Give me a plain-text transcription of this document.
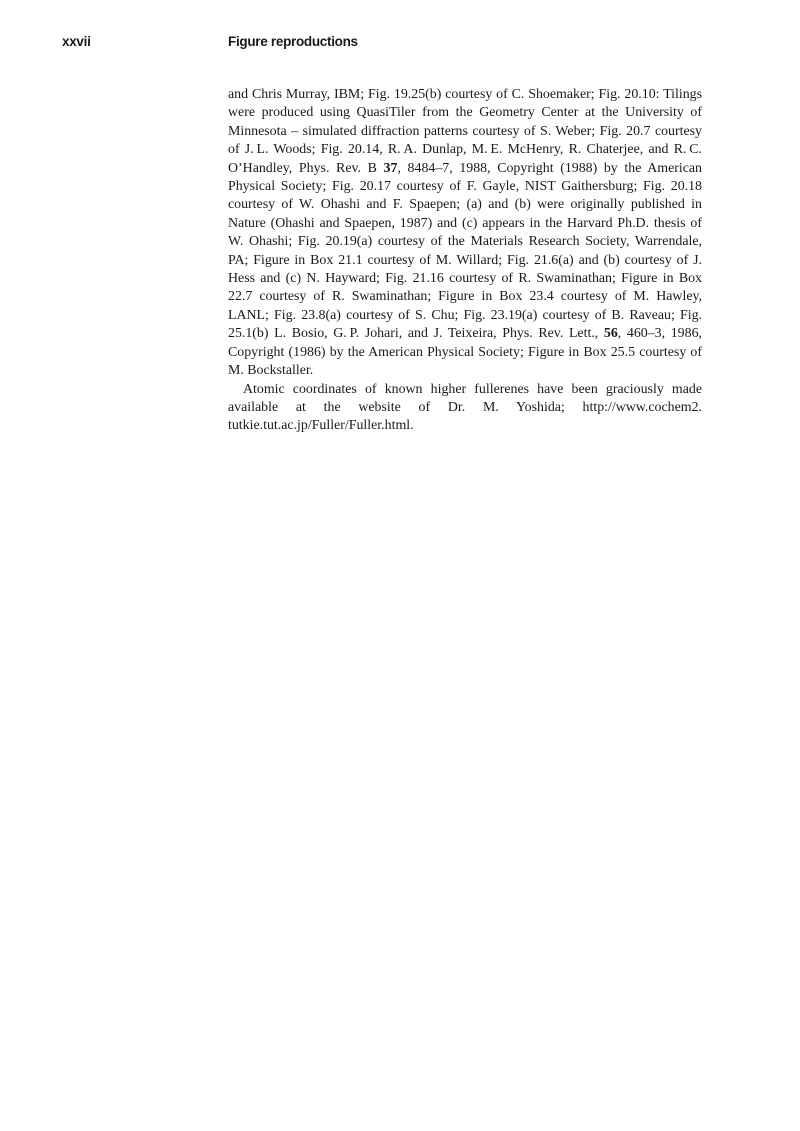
xxvii	Figure reproductions

and Chris Murray, IBM; Fig. 19.25(b) courtesy of C. Shoemaker; Fig. 20.10: Tilings were produced using QuasiTiler from the Geometry Center at the University of Minnesota – simulated diffraction patterns courtesy of S. Weber; Fig. 20.7 courtesy of J. L. Woods; Fig. 20.14, R. A. Dunlap, M. E. McHenry, R. Chaterjee, and R. C. O’Handley, Phys. Rev. B 37, 8484–7, 1988, Copyright (1988) by the American Physical Society; Fig. 20.17 courtesy of F. Gayle, NIST Gaithersburg; Fig. 20.18 courtesy of W. Ohashi and F. Spaepen; (a) and (b) were originally published in Nature (Ohashi and Spaepen, 1987) and (c) appears in the Harvard Ph.D. thesis of W. Ohashi; Fig. 20.19(a) courtesy of the Materials Research Society, Warrendale, PA; Figure in Box 21.1 courtesy of M. Willard; Fig. 21.6(a) and (b) courtesy of J. Hess and (c) N. Hayward; Fig. 21.16 courtesy of R. Swaminathan; Figure in Box 22.7 courtesy of R. Swaminathan; Figure in Box 23.4 courtesy of M. Hawley, LANL; Fig. 23.8(a) courtesy of S. Chu; Fig. 23.19(a) courtesy of B. Raveau; Fig. 25.1(b) L. Bosio, G. P. Johari, and J. Teixeira, Phys. Rev. Lett., 56, 460–3, 1986, Copyright (1986) by the American Physical Society; Figure in Box 25.5 courtesy of M. Bockstaller.

Atomic coordinates of known higher fullerenes have been graciously made available at the website of Dr. M. Yoshida; http://www.cochem2.​tutkie.tut.ac.jp/Fuller/Fuller.html.
